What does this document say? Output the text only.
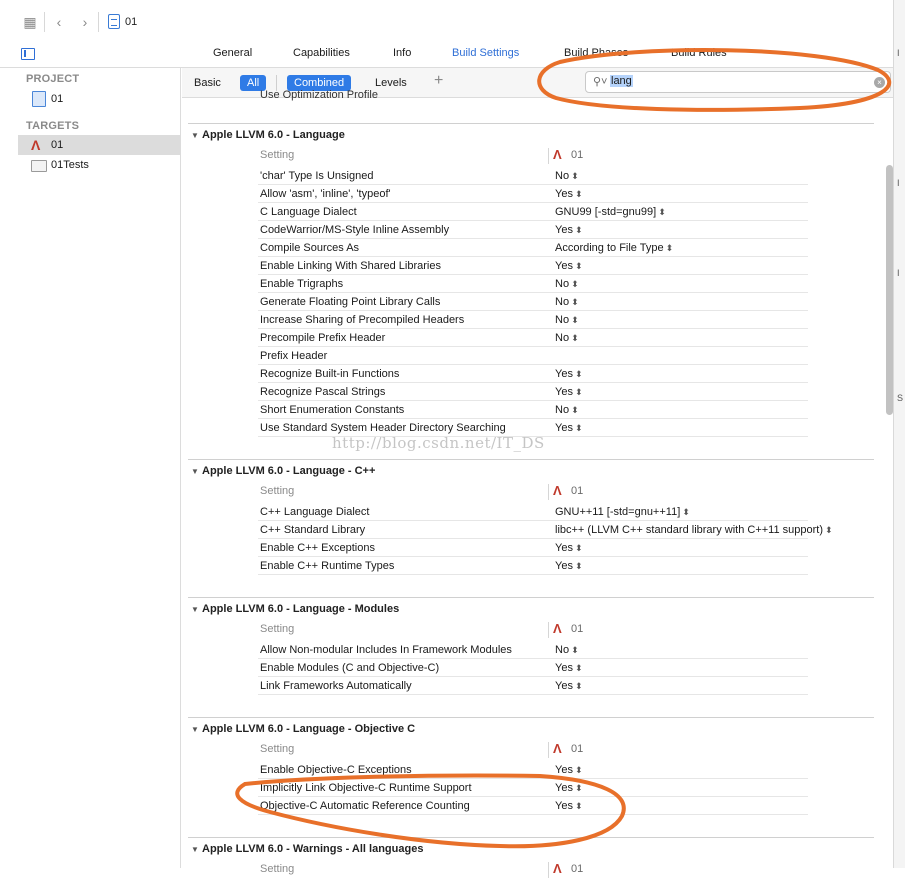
▦	‹	›	01
I
I
I
S
General	Capabilities	Info	Build Settings	Build Phases	Build Rules
PROJECT
01
TARGETS
Ʌ 01
01Tests
Basic	All	Combined	Levels +	⚲˅ lang	×
Use Optimization Profile
▼ Apple LLVM 6.0 - Language
Setting	Ʌ 01
'char' Type Is Unsigned	No ⬍
Allow 'asm', 'inline', 'typeof'	Yes ⬍
C Language Dialect	GNU99 [-std=gnu99] ⬍
CodeWarrior/MS-Style Inline Assembly	Yes ⬍
Compile Sources As	According to File Type ⬍
Enable Linking With Shared Libraries	Yes ⬍
Enable Trigraphs	No ⬍
Generate Floating Point Library Calls	No ⬍
Increase Sharing of Precompiled Headers	No ⬍
Precompile Prefix Header	No ⬍
Prefix Header
Recognize Built-in Functions	Yes ⬍
Recognize Pascal Strings	Yes ⬍
Short Enumeration Constants	No ⬍
Use Standard System Header Directory Searching	Yes ⬍
▼ Apple LLVM 6.0 - Language - C++
Setting	Ʌ 01
C++ Language Dialect	GNU++11 [-std=gnu++11] ⬍
C++ Standard Library	libc++ (LLVM C++ standard library with C++11 support) ⬍
Enable C++ Exceptions	Yes ⬍
Enable C++ Runtime Types	Yes ⬍
▼ Apple LLVM 6.0 - Language - Modules
Setting	Ʌ 01
Allow Non-modular Includes In Framework Modules	No ⬍
Enable Modules (C and Objective-C)	Yes ⬍
Link Frameworks Automatically	Yes ⬍
▼ Apple LLVM 6.0 - Language - Objective C
Setting	Ʌ 01
Enable Objective-C Exceptions	Yes ⬍
Implicitly Link Objective-C Runtime Support	Yes ⬍
Objective-C Automatic Reference Counting	Yes ⬍
▼ Apple LLVM 6.0 - Warnings - All languages
Setting	Ʌ 01
http://blog.csdn.net/IT_DS
